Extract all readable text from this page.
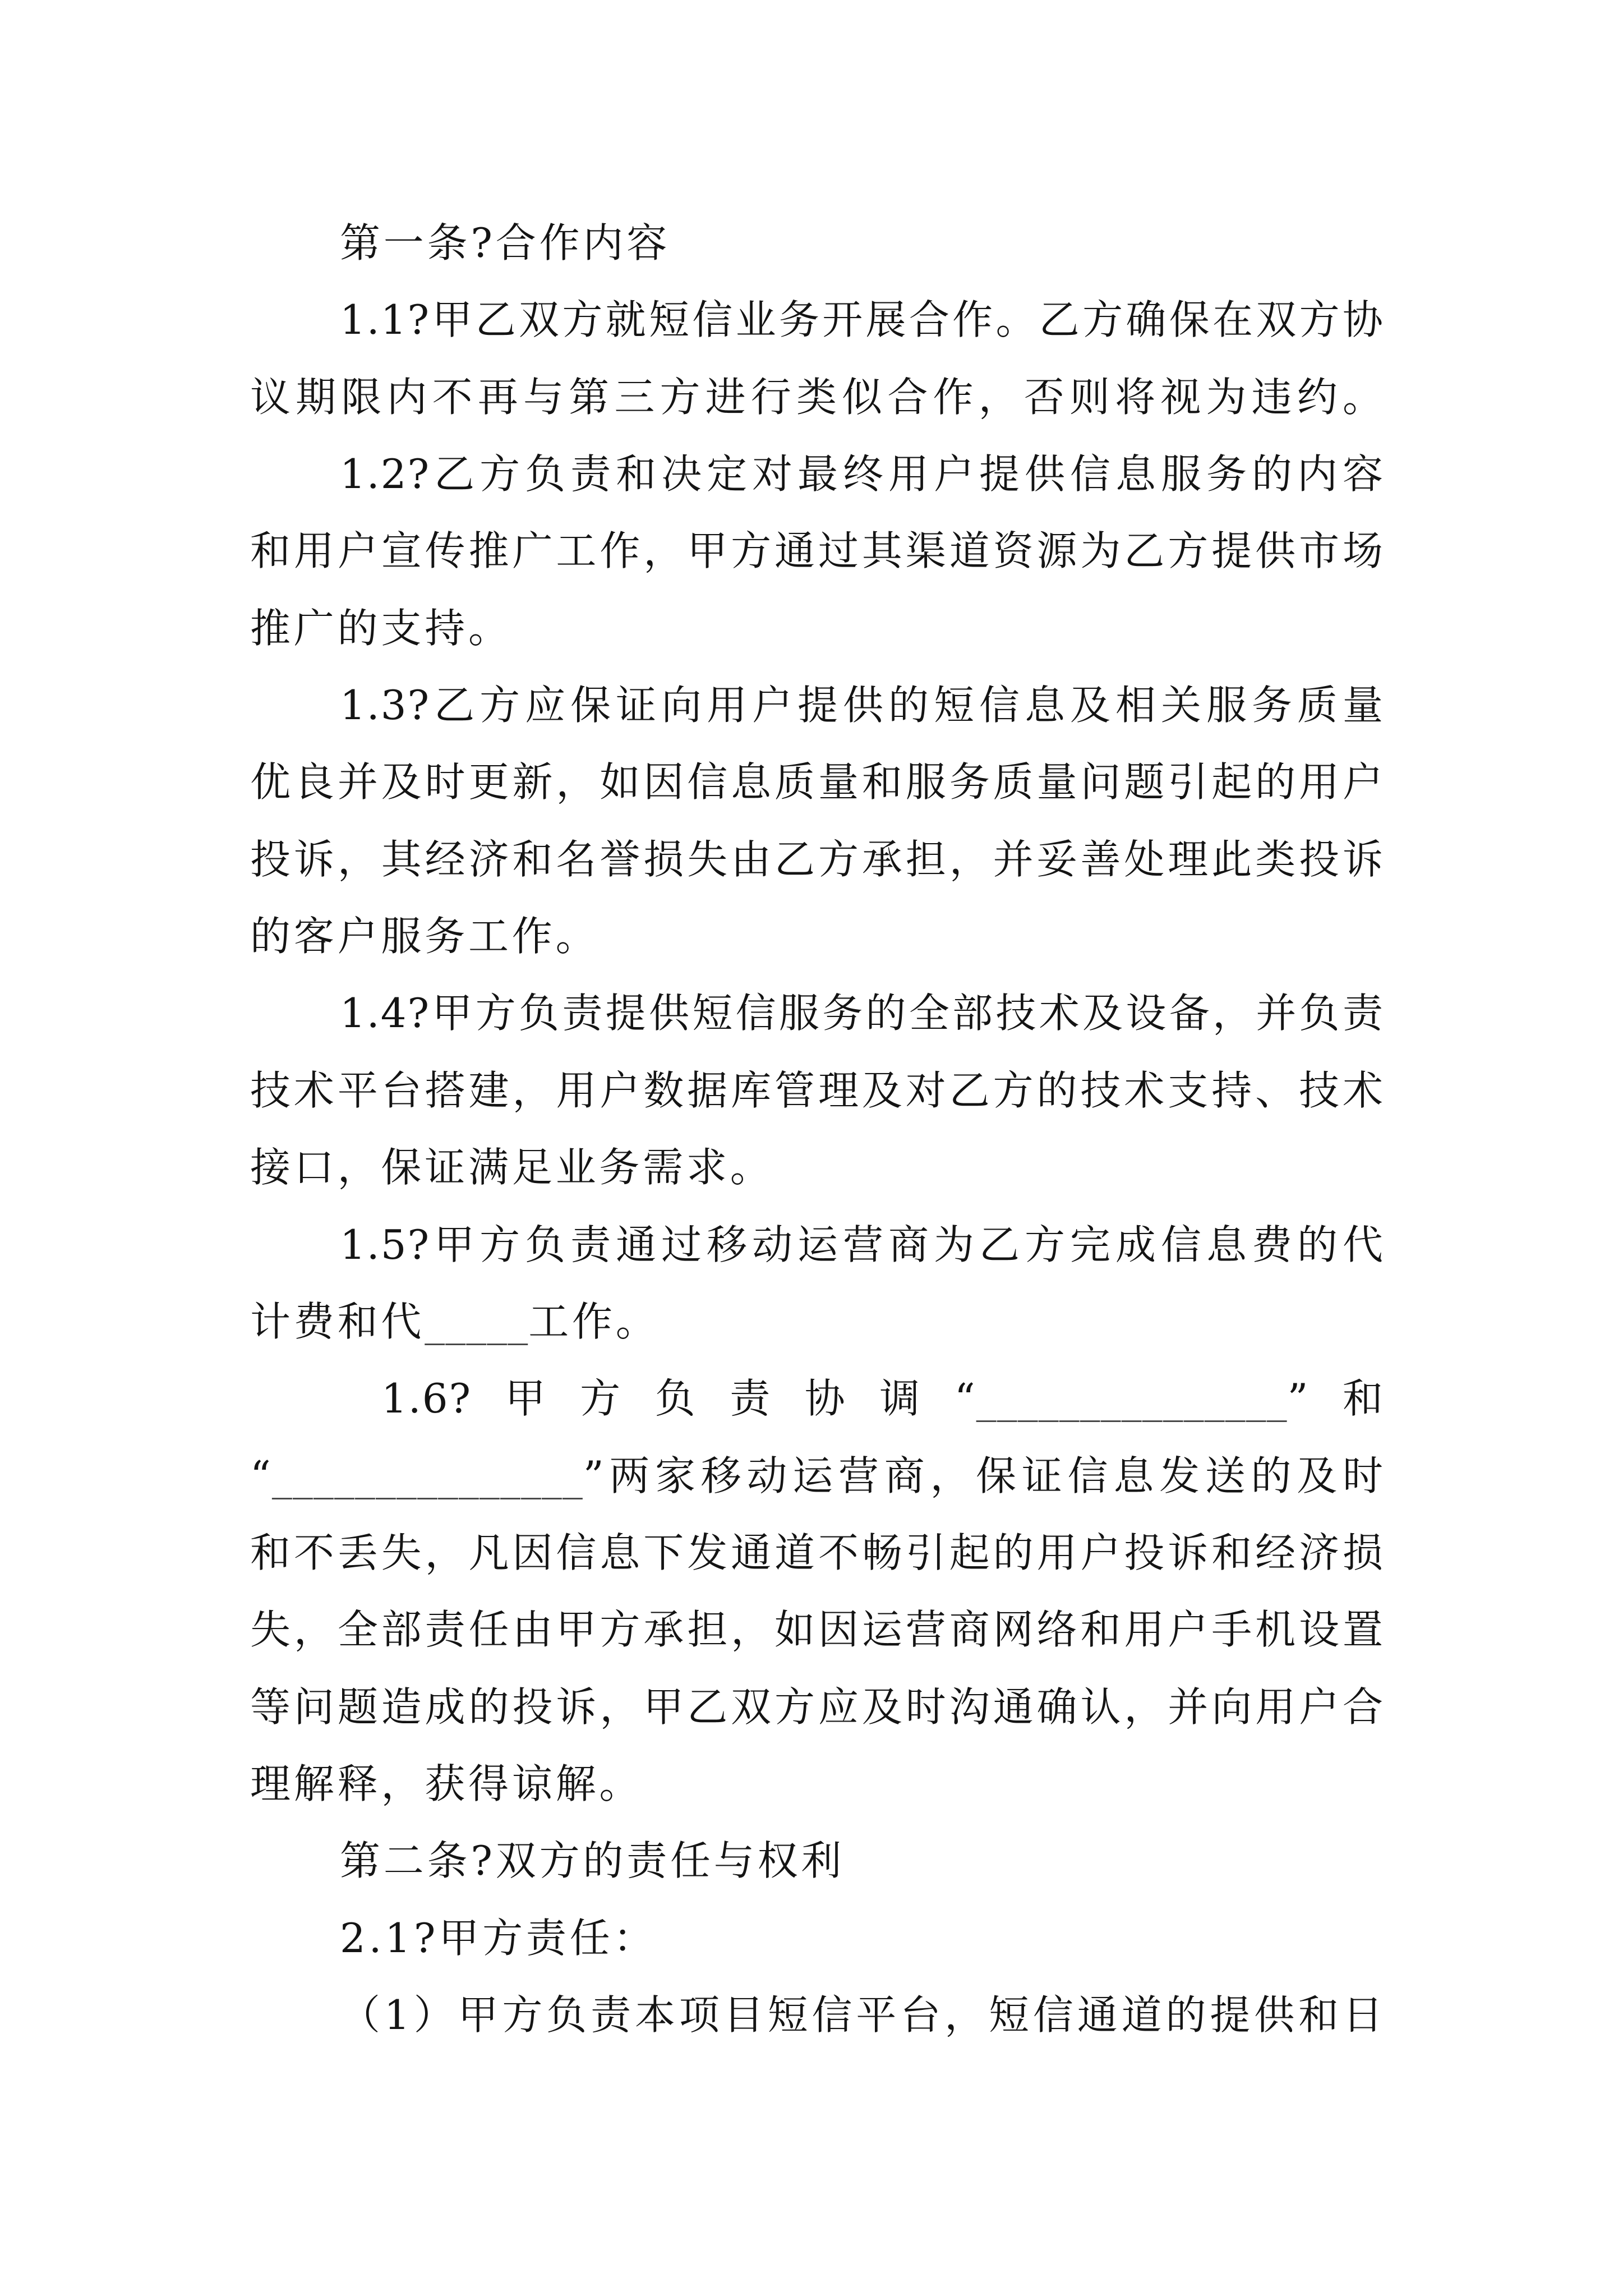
第一条?合作内容
1.1?甲乙双方就短信业务开展合作。乙方确保在双方协
议期限内不再与第三方进行类似合作，否则将视为违约。
1.2?乙方负责和决定对最终用户提供信息服务的内容
和用户宣传推广工作，甲方通过其渠道资源为乙方提供市场
推广的支持。
1.3?乙方应保证向用户提供的短信息及相关服务质量
优良并及时更新，如因信息质量和服务质量问题引起的用户
投诉，其经济和名誉损失由乙方承担，并妥善处理此类投诉
的客户服务工作。
1.4?甲方负责提供短信服务的全部技术及设备，并负责
技术平台搭建，用户数据库管理及对乙方的技术支持、技术
接口，保证满足业务需求。
1.5?甲方负责通过移动运营商为乙方完成信息费的代
计费和代_____工作。
1.6?甲方负责协调“_______________”和
“_______________”两家移动运营商，保证信息发送的及时
和不丢失，凡因信息下发通道不畅引起的用户投诉和经济损
失，全部责任由甲方承担，如因运营商网络和用户手机设置
等问题造成的投诉，甲乙双方应及时沟通确认，并向用户合
理解释，获得谅解。
第二条?双方的责任与权利
2.1?甲方责任：
（1）甲方负责本项目短信平台，短信通道的提供和日
